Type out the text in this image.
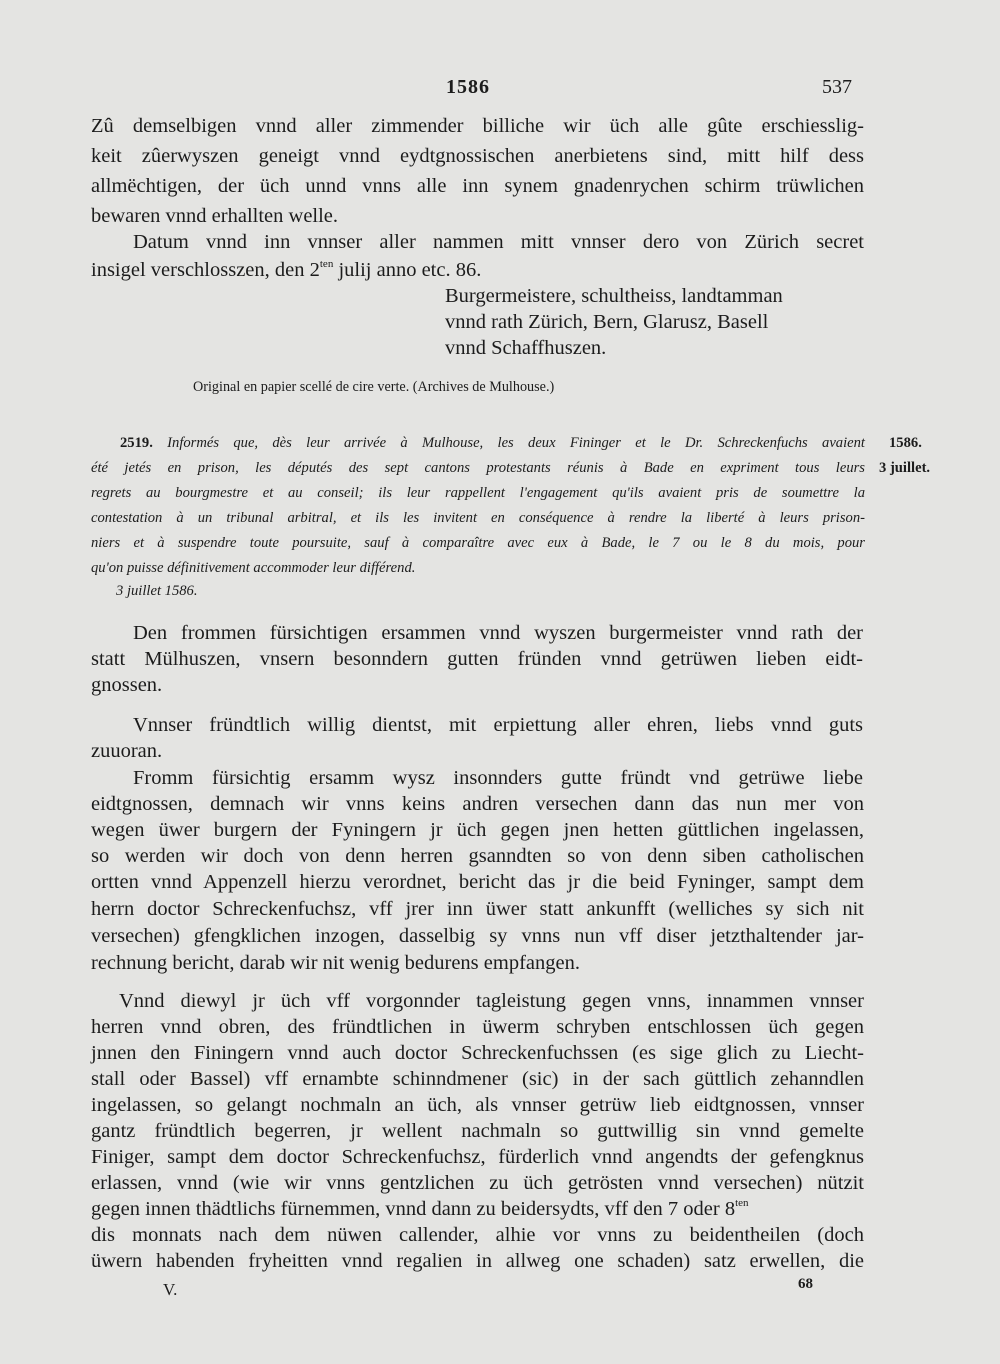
1586	537
Zû demselbigen vnnd aller zimmender billiche wir üch alle gûte erschiesslig-
keit zûerwyszen geneigt vnnd eydtgnossischen anerbietens sind, mitt hilf dess
allmëchtigen, der üch unnd vnns alle inn synem gnadenrychen schirm trüwlichen
bewaren vnnd erhallten welle.
Datum vnnd inn vnnser aller nammen mitt vnnser dero von Zürich secret
insigel verschlosszen, den $2^{ten}$ julij anno etc. 86.
Burgermeistere, schultheiss, landtamman
vnnd rath Zürich, Bern, Glarusz, Basell
vnnd Schaffhuszen.
Original en papier scellé de cire verte. (Archives de Mulhouse.)
2519. Informés que, dès leur arrivée à Mulhouse, les deux Fininger et le Dr. Schreckenfuchs avaient
été jetés en prison, les députés des sept cantons protestants réunis à Bade en expriment tous leurs
regrets au bourgmestre et au conseil; ils leur rappellent l'engagement qu'ils avaient pris de soumettre la
contestation à un tribunal arbitral, et ils les invitent en conséquence à rendre la liberté à leurs prison-
niers et à suspendre toute poursuite, sauf à comparaître avec eux à Bade, le 7 ou le 8 du mois, pour
qu'on puisse définitivement accommoder leur différend.
3 juillet 1586.
1586.
3 juillet.
Den frommen fürsichtigen ersammen vnnd wyszen burgermeister vnnd rath der
statt Mülhuszen, vnsern besonndern gutten fründen vnnd getrüwen lieben eidt-
gnossen.
Vnnser fründtlich willig dientst, mit erpiettung aller ehren, liebs vnnd guts
zuuoran.
Fromm fürsichtig ersamm wysz insonnders gutte fründt vnd getrüwe liebe
eidtgnossen, demnach wir vnns keins andren versechen dann das nun mer von
wegen üwer burgern der Fyningern jr üch gegen jnen hetten güttlichen ingelassen,
so werden wir doch von denn herren gsanndten so von denn siben catholischen
ortten vnnd Appenzell hierzu verordnet, bericht das jr die beid Fyninger, sampt dem
herrn doctor Schreckenfuchsz, vff jrer inn üwer statt ankunfft (welliches sy sich nit
versechen) gfengklichen inzogen, dasselbig sy vnns nun vff diser jetzthaltender jar-
rechnung bericht, darab wir nit wenig bedurens empfangen.
Vnnd diewyl jr üch vff vorgonnder tagleistung gegen vnns, innammen vnnser
herren vnnd obren, des fründtlichen in üwerm schryben entschlossen üch gegen
jnnen den Finingern vnnd auch doctor Schreckenfuchssen (es sige glich zu Liecht-
stall oder Bassel) vff ernambte schinndmener (sic) in der sach güttlich zehanndlen
ingelassen, so gelangt nochmaln an üch, als vnnser getrüw lieb eidtgnossen, vnnser
gantz fründtlich begerren, jr wellent nachmaln so guttwillig sin vnnd gemelte
Finiger, sampt dem doctor Schreckenfuchsz, fürderlich vnnd angendts der gefengknus
erlassen, vnnd (wie wir vnns gentzlichen zu üch getrösten vnnd versechen) nützit
gegen innen thädtlichs fürnemmen, vnnd dann zu beidersydts, vff den 7 oder $8^{ten}$
dis monnats nach dem nüwen callender, alhie vor vnns zu beidentheilen (doch
üwern habenden fryheitten vnnd regalien in allweg one schaden) satz erwellen, die
V.	68
